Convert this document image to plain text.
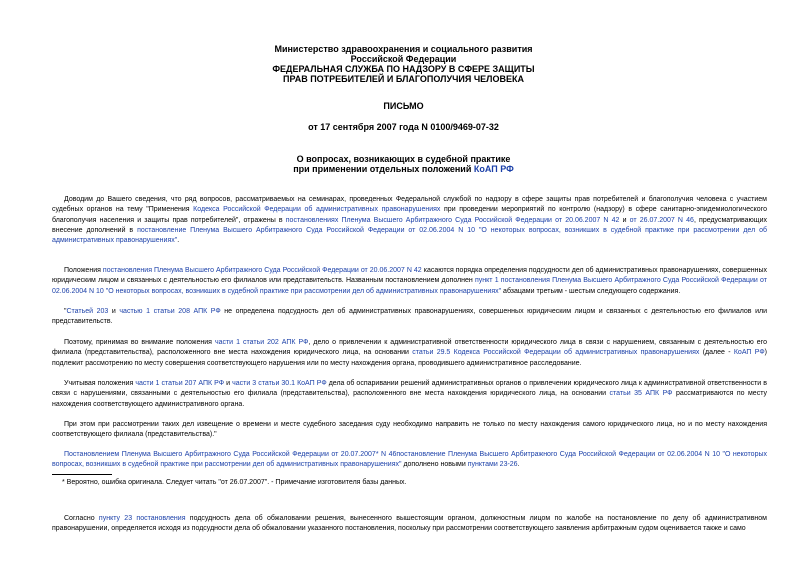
Министерство здравоохранения и социального развития
Российской Федерации
ФЕДЕРАЛЬНАЯ СЛУЖБА ПО НАДЗОРУ В СФЕРЕ ЗАЩИТЫ
ПРАВ ПОТРЕБИТЕЛЕЙ И БЛАГОПОЛУЧИЯ ЧЕЛОВЕКА
ПИСЬМО
от 17 сентября 2007 года N 0100/9469-07-32
О вопросах, возникающих в судебной практике
при применении отдельных положений КоАП РФ

Доводим до Вашего сведения, что ряд вопросов, рассматриваемых на семинарах, проведенных Федеральной службой по надзору в сфере защиты прав потребителей и благополучия человека с участием судебных органов на тему "Применения Кодекса Российской Федерации об административных правонарушениях при проведении мероприятий по контролю (надзору) в сфере санитарно-эпидемиологического благополучия населения и защиты прав потребителей", отражены в постановлениях Пленума Высшего Арбитражного Суда Российской Федерации от 20.06.2007 N 42 и от 26.07.2007 N 46, предусматривающих внесение дополнений в постановление Пленума Высшего Арбитражного Суда Российской Федерации от 02.06.2004 N 10 "О некоторых вопросах, возникших в судебной практике при рассмотрении дел об административных правонарушениях".

Положения постановления Пленума Высшего Арбитражного Суда Российской Федерации от 20.06.2007 N 42 касаются порядка определения подсудности дел об административных правонарушениях, совершенных юридическим лицом и связанных с деятельностью его филиалов или представительств. Названным постановлением дополнен пункт 1 постановления Пленума Высшего Арбитражного Суда Российской Федерации от 02.06.2004 N 10 "О некоторых вопросах, возникших в судебной практике при рассмотрении дел об административных правонарушениях" абзацами третьим - шестым следующего содержания.

"Статьей 203 и частью 1 статьи 208 АПК РФ не определена подсудность дел об административных правонарушениях, совершенных юридическим лицом и связанных с деятельностью его филиалов или представительств.

Поэтому, принимая во внимание положения части 1 статьи 202 АПК РФ, дело о привлечении к административной ответственности юридического лица в связи с нарушением, связанным с деятельностью его филиала (представительства), расположенного вне места нахождения юридического лица, на основании статьи 29.5 Кодекса Российской Федерации об административных правонарушениях (далее - КоАП РФ) подлежит рассмотрению по месту совершения соответствующего нарушения или по месту нахождения органа, проводившего административное расследование.

Учитывая положения части 1 статьи 207 АПК РФ и части 3 статьи 30.1 КоАП РФ дела об оспаривании решений административных органов о привлечении юридического лица к административной ответственности в связи с нарушениями, связанными с деятельностью его филиала (представительства), расположенного вне места нахождения юридического лица, на основании статьи 35 АПК РФ рассматриваются по месту нахождения соответствующего административного органа.

При этом при рассмотрении таких дел извещение о времени и месте судебного заседания суду необходимо направить не только по месту нахождения самого юридического лица, но и по месту нахождения соответствующего филиала (представительства)."

Постановлением Пленума Высшего Арбитражного Суда Российской Федерации от 20.07.2007* N 46постановление Пленума Высшего Арбитражного Суда Российской Федерации от 02.06.2004 N 10 "О некоторых вопросах, возникших в судебной практике при рассмотрении дел об административных правонарушениях" дополнено новыми пунктами 23-26.

* Вероятно, ошибка оригинала. Следует читать "от 26.07.2007". - Примечание изготовителя базы данных.

Согласно пункту 23 постановления подсудность дела об обжаловании решения, вынесенного вышестоящим органом, должностным лицом по жалобе на постановление по делу об административном правонарушении, определяется исходя из подсудности дела об обжаловании указанного постановления, поскольку при рассмотрении соответствующего заявления арбитражным судом оценивается также и само
